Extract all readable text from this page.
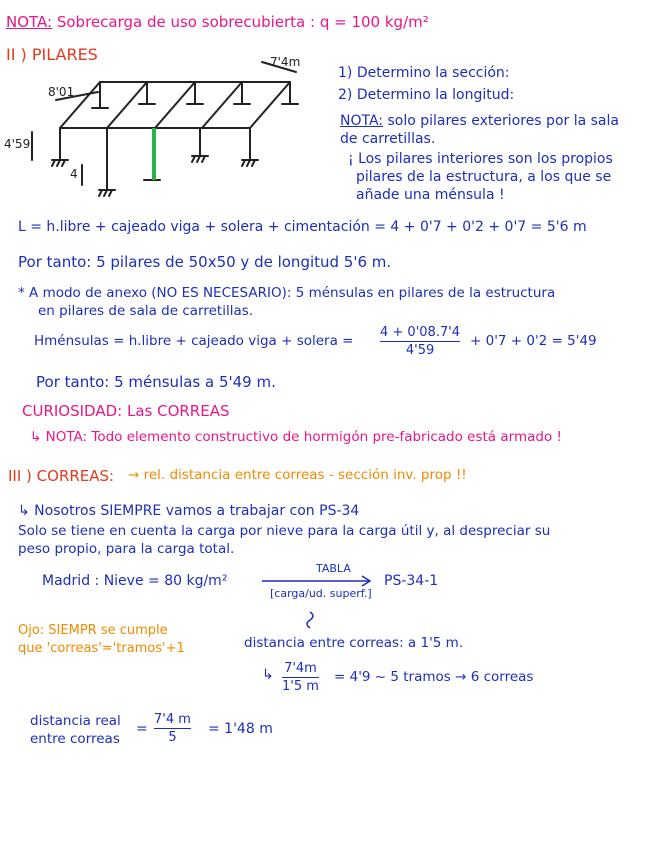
NOTA: Sobrecarga de uso sobrecubierta : q = 100 kg/m²
II ) PILARES	7'4m
8'01
4'59
4
1) Determino la sección:
2) Determino la longitud:
NOTA: solo pilares exteriores por la sala
de carretillas.
¡ Los pilares interiores son los propios
pilares de la estructura, a los que se
añade una ménsula !
L = h.libre + cajeado viga + solera + cimentación = 4 + 0'7 + 0'2 + 0'7 = 5'6 m
Por tanto: 5 pilares de 50x50 y de longitud 5'6 m.
* A modo de anexo (NO ES NECESARIO): 5 ménsulas en pilares de la estructura
en pilares de sala de carretillas.
Hménsulas = h.libre + cajeado viga + solera =
4 + 0'08.7'4
4'59
+ 0'7 + 0'2 = 5'49
Por tanto: 5 ménsulas a 5'49 m.
CURIOSIDAD: Las CORREAS
↳ NOTA: Todo elemento constructivo de hormigón pre-fabricado está armado !
III ) CORREAS: → rel. distancia entre correas - sección inv. prop !!
↳ Nosotros SIEMPRE vamos a trabajar con PS-34
Solo se tiene en cuenta la carga por nieve para la carga útil y, al despreciar su
peso propio, para la carga total.
Madrid : Nieve = 80 kg/m²
TABLA
[carga/ud. superf.]
PS-34-1
Ojo: SIEMPR se cumple
que 'correas'='tramos'+1	distancia entre correas: a 1'5 m.
↳ 7'4m
1'5 m
= 4'9 ~ 5 tramos → 6 correas
distancia real
entre correas
=
7'4 m
5
= 1'48 m
